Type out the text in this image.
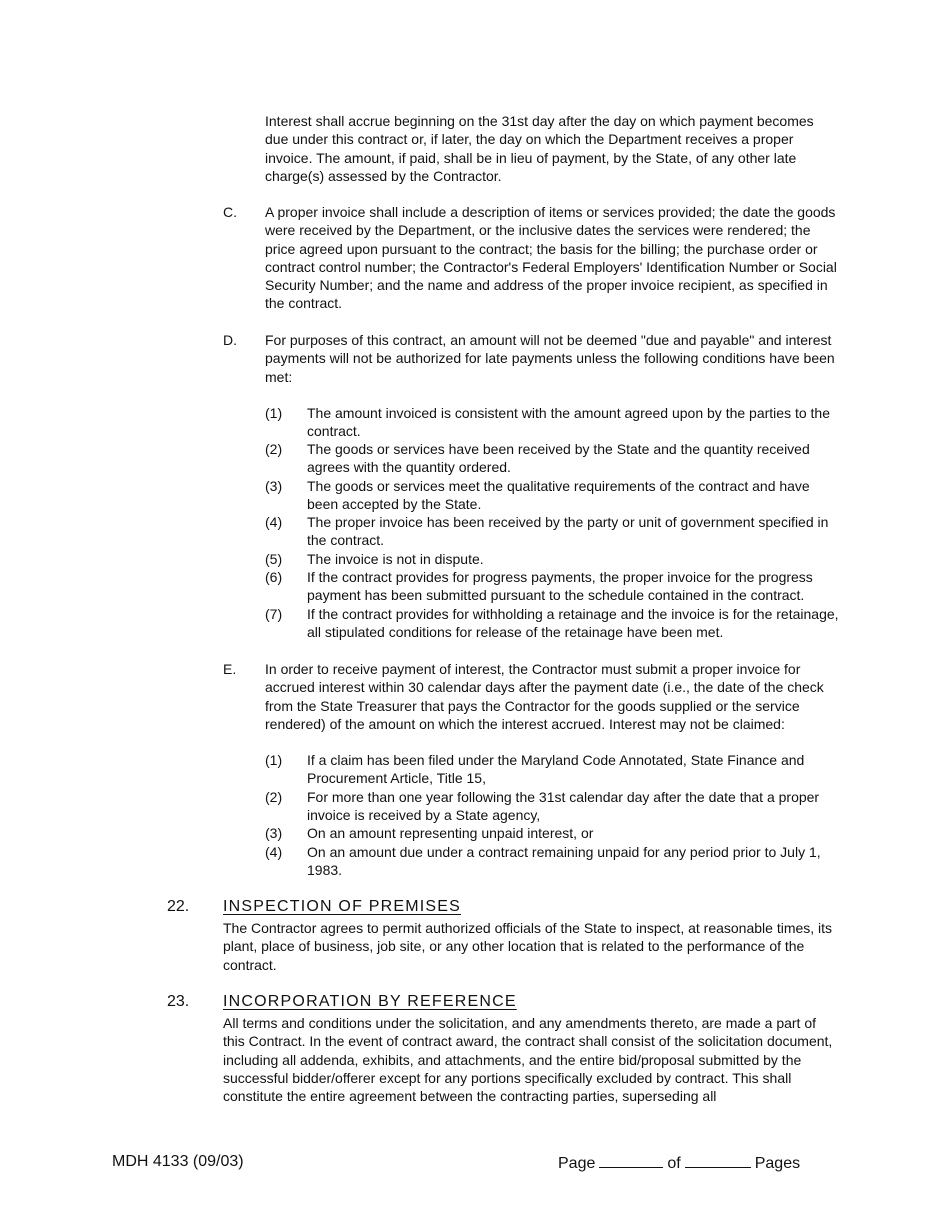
Interest shall accrue beginning on the 31st day after the day on which payment becomes due under this contract or, if later, the day on which the Department receives a proper invoice. The amount, if paid, shall be in lieu of payment, by the State, of any other late charge(s) assessed by the Contractor.

C. A proper invoice shall include a description of items or services provided; the date the goods were received by the Department, or the inclusive dates the services were rendered; the price agreed upon pursuant to the contract; the basis for the billing; the purchase order or contract control number; the Contractor's Federal Employers' Identification Number or Social Security Number; and the name and address of the proper invoice recipient, as specified in the contract.

D. For purposes of this contract, an amount will not be deemed "due and payable" and interest payments will not be authorized for late payments unless the following conditions have been met:

(1) The amount invoiced is consistent with the amount agreed upon by the parties to the contract.

(2) The goods or services have been received by the State and the quantity received agrees with the quantity ordered.

(3) The goods or services meet the qualitative requirements of the contract and have been accepted by the State.

(4) The proper invoice has been received by the party or unit of government specified in the contract.

(5) The invoice is not in dispute.

(6) If the contract provides for progress payments, the proper invoice for the progress payment has been submitted pursuant to the schedule contained in the contract.

(7) If the contract provides for withholding a retainage and the invoice is for the retainage, all stipulated conditions for release of the retainage have been met.

E. In order to receive payment of interest, the Contractor must submit a proper invoice for accrued interest within 30 calendar days after the payment date (i.e., the date of the check from the State Treasurer that pays the Contractor for the goods supplied or the service rendered) of the amount on which the interest accrued. Interest may not be claimed:

(1) If a claim has been filed under the Maryland Code Annotated, State Finance and Procurement Article, Title 15,

(2) For more than one year following the 31st calendar day after the date that a proper invoice is received by a State agency,

(3) On an amount representing unpaid interest, or

(4) On an amount due under a contract remaining unpaid for any period prior to July 1, 1983.

22. INSPECTION OF PREMISES

The Contractor agrees to permit authorized officials of the State to inspect, at reasonable times, its plant, place of business, job site, or any other location that is related to the performance of the contract.

23. INCORPORATION BY REFERENCE

All terms and conditions under the solicitation, and any amendments thereto, are made a part of this Contract. In the event of contract award, the contract shall consist of the solicitation document, including all addenda, exhibits, and attachments, and the entire bid/proposal submitted by the successful bidder/offerer except for any portions specifically excluded by contract. This shall constitute the entire agreement between the contracting parties, superseding all

MDH 4133 (09/03)	Page	of	Pages
